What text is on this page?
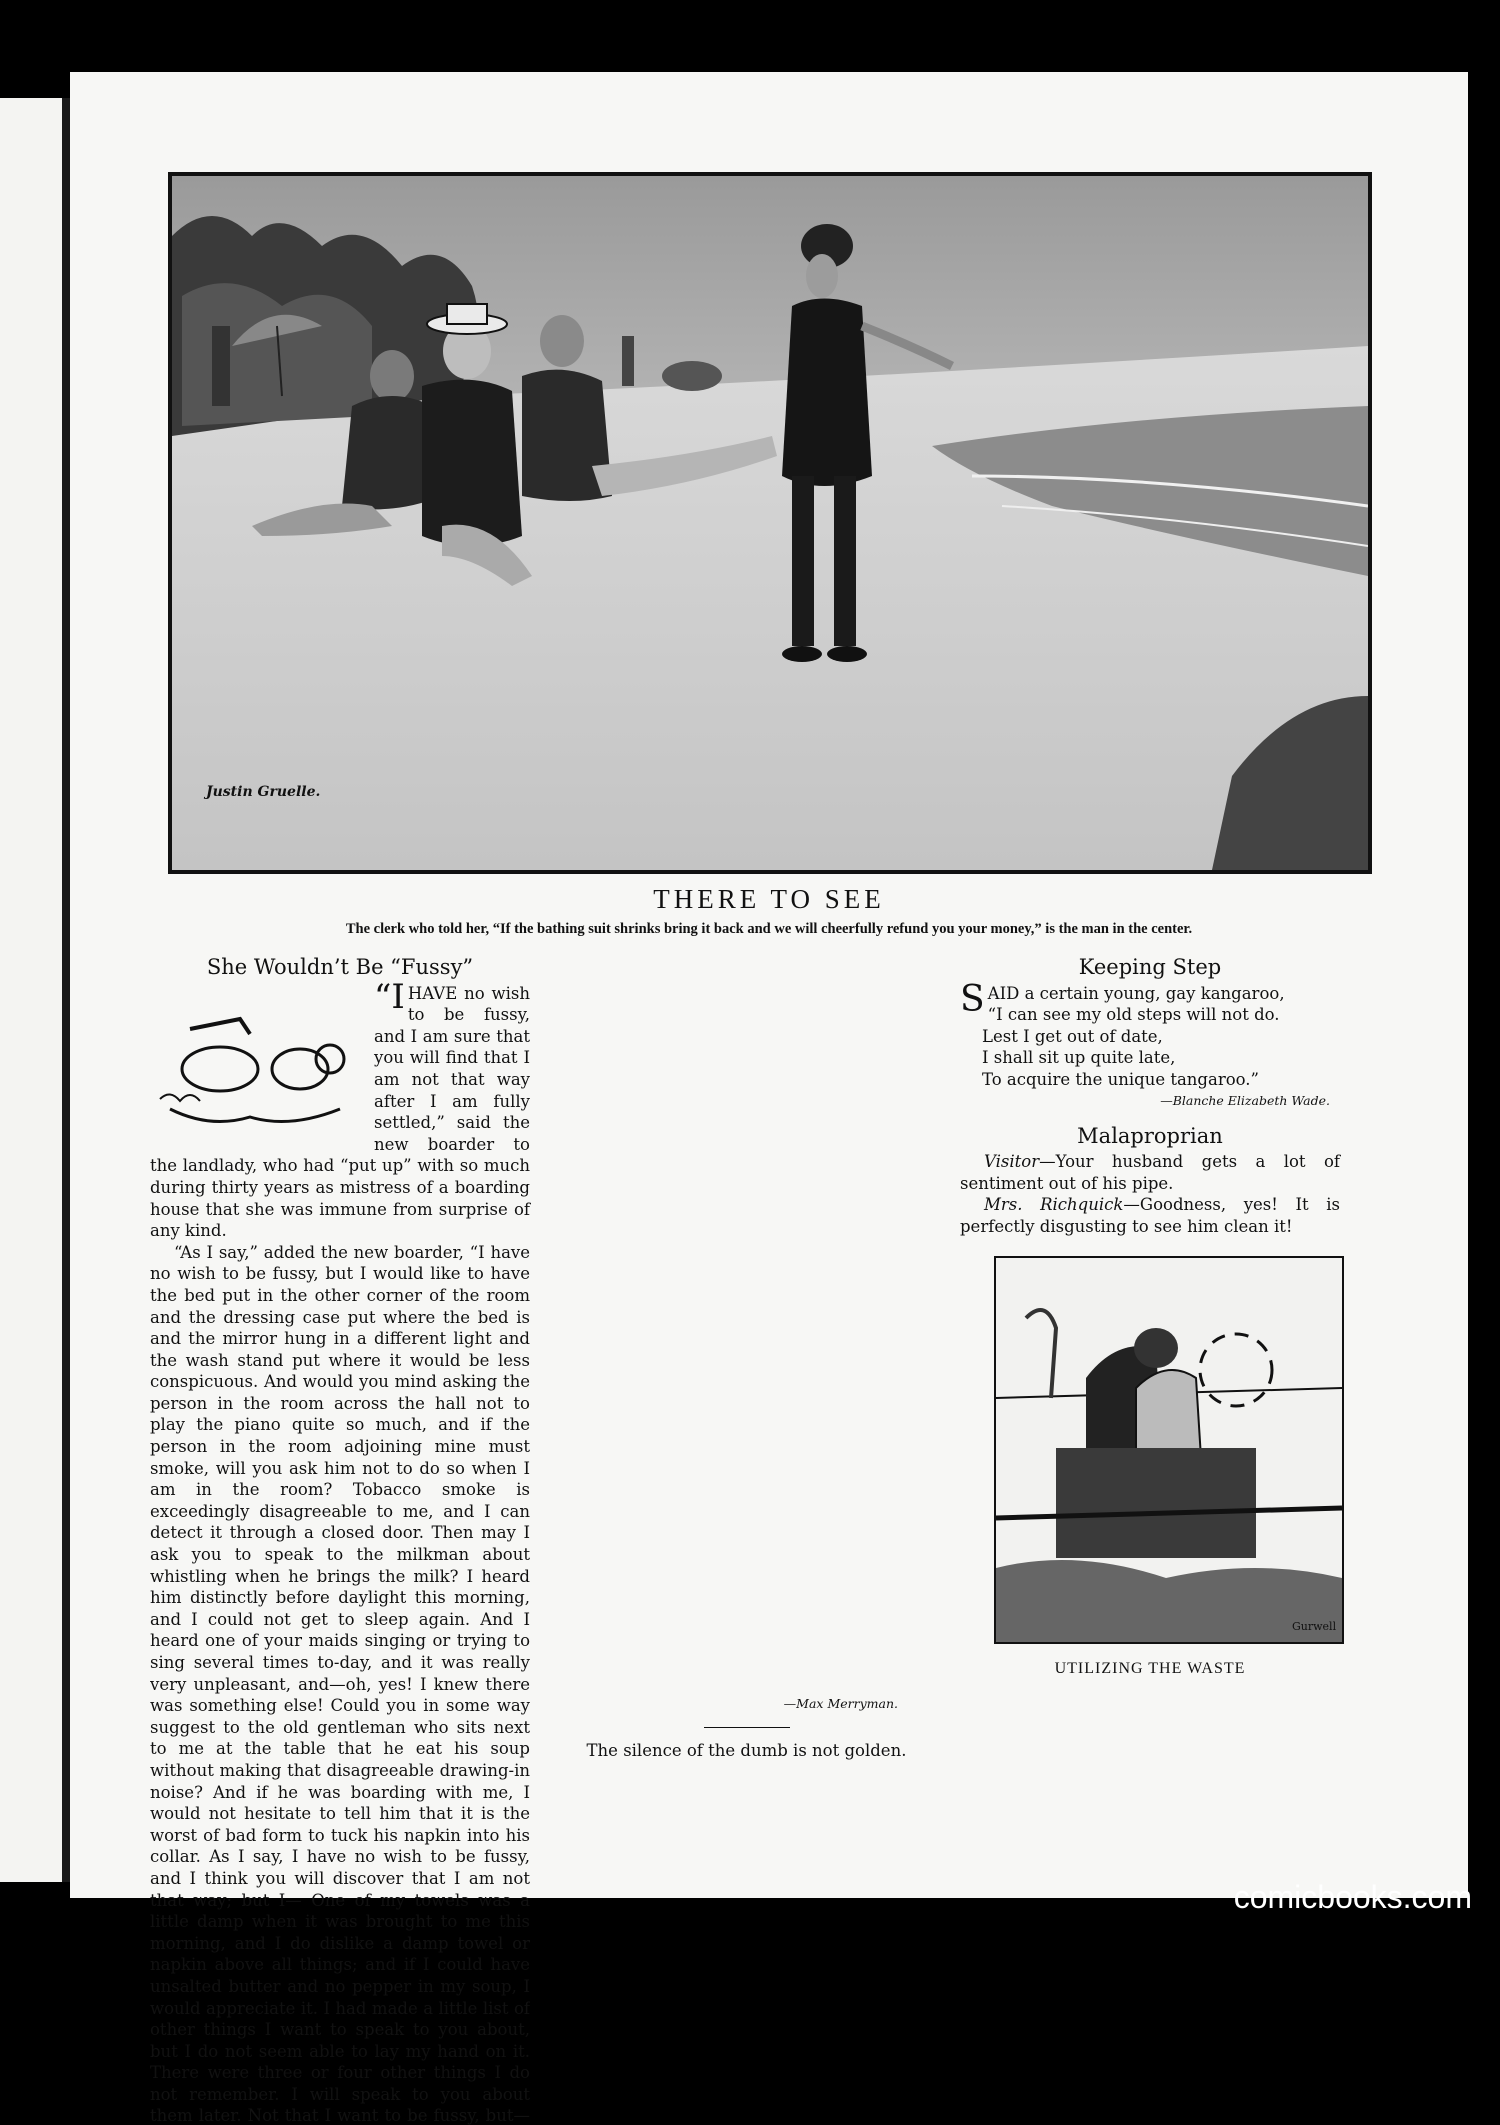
Justin Gruelle.
THERE TO SEE
The clerk who told her, “If the bathing suit shrinks bring it back and we will cheerfully refund you your money,” is the man in the center.
She Wouldn’t Be “Fussy”

“IHAVE no wish to be fussy, and I am sure that you will find that I am not that way after I am fully settled,” said the new boarder to the landlady, who had “put up” with so much during thirty years as mistress of a boarding house that she was immune from surprise of any kind.

“As I say,” added the new boarder, “I have no wish to be fussy, but I would like to have the bed put in the other corner of the room and the dressing case put where the bed is and the mirror hung in a different light and the wash stand put where it would be less conspicuous. And would you mind asking the person in the room across the hall not to play the piano quite so much, and if the person in the room adjoining mine must smoke, will you ask him not to do so when I am in the room? Tobacco smoke is exceedingly disagreeable to me, and I can detect it through a closed door. Then may I ask you to speak to the milkman about whistling when he brings the milk? I heard him distinctly before daylight this morning, and I could not get to sleep again. And I heard one of your maids singing or trying to sing several times to-day, and it was really very unpleasant, and—oh, yes! I knew there was something else! Could you in some way suggest to the old gentleman who sits next to me at the table that he eat his soup without making that disagreeable drawing-in noise? And if he was boarding with me, I would not hesitate to tell him that it is the worst of bad form to tuck his napkin into his collar. As I say, I have no wish to be fussy, and I think you will discover that I am not that way; but I— One of my towels was a little damp when it was brought to me this morning, and I do dislike a damp towel or napkin above all things; and if I could have unsalted butter and no pepper in my soup, I would appreciate it. I had made a little list of other things I want to speak to you about, but I do not seem able to lay my hand on it. There were three or four other things I do not remember. I will speak to you about them later. Not that I want to be fussy, but—

—Max Merryman.
The silence of the dumb is not golden.
Keeping Step
S AID a certain young, gay kangaroo,
“I can see my old steps will not do.
Lest I get out of date,
I shall sit up quite late,
To acquire the unique tangaroo.”
—Blanche Elizabeth Wade.
Malaproprian

Visitor—Your husband gets a lot of sentiment out of his pipe.

Mrs. Richquick—Goodness, yes! It is perfectly disgusting to see him clean it!

Gurwell
UTILIZING THE WASTE
comicbooks.com
